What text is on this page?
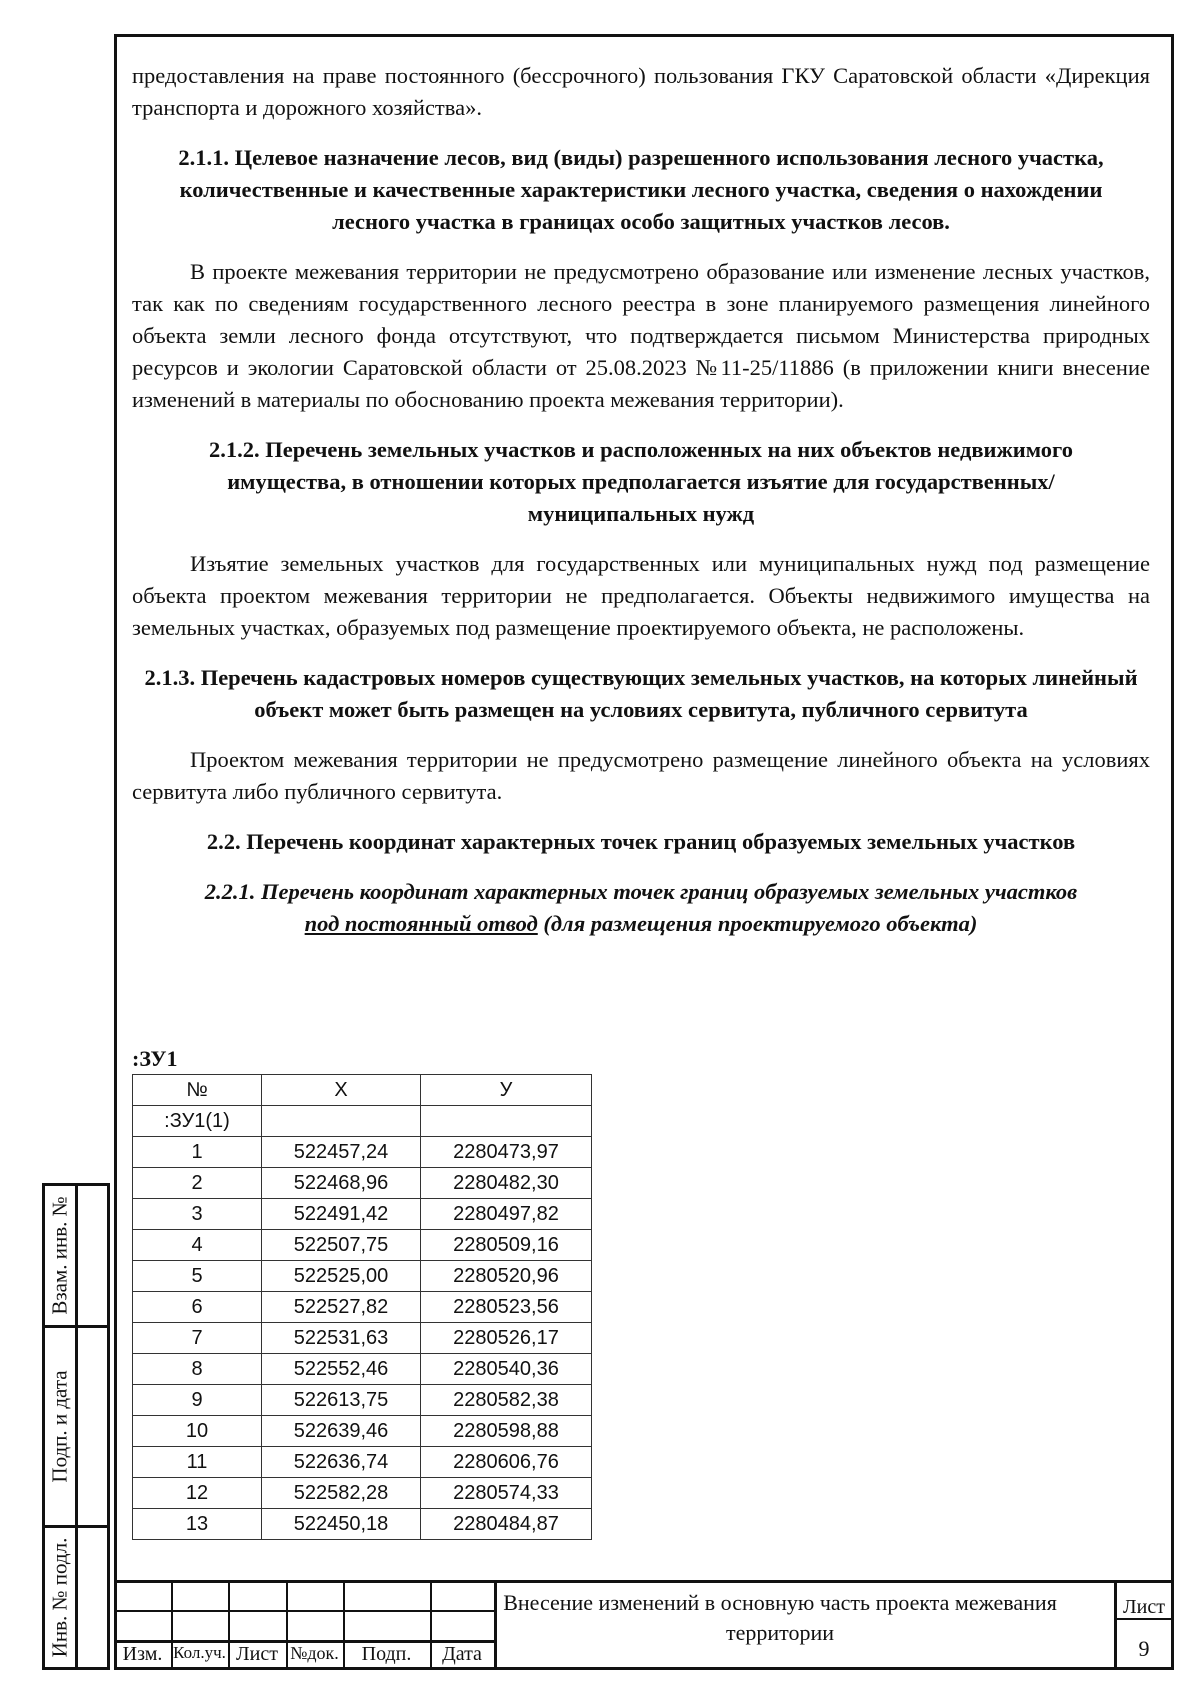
предоставления на праве постоянного (бессрочного) пользования ГКУ Саратовской области «Дирекция транспорта и дорожного хозяйства».

2.1.1. Целевое назначение лесов, вид (виды) разрешенного использования лесного участка, количественные и качественные характеристики лесного участка, сведения о нахождении лесного участка в границах особо защитных участков лесов.

В проекте межевания территории не предусмотрено образование или изменение лесных участков, так как по сведениям государственного лесного реестра в зоне планируемого размещения линейного объекта земли лесного фонда отсутствуют, что подтверждается письмом Министерства природных ресурсов и экологии Саратовской области от 25.08.2023 №11-25/11886 (в приложении книги внесение изменений в материалы по обоснованию проекта межевания территории).

2.1.2. Перечень земельных участков и расположенных на них объектов недвижимого имущества, в отношении которых предполагается изъятие для государственных/ муниципальных нужд

Изъятие земельных участков для государственных или муниципальных нужд под размещение объекта проектом межевания территории не предполагается. Объекты недвижимого имущества на земельных участках, образуемых под размещение проектируемого объекта, не расположены.

2.1.3. Перечень кадастровых номеров существующих земельных участков, на которых линейный объект может быть размещен на условиях сервитута, публичного сервитута

Проектом межевания территории не предусмотрено размещение линейного объекта на условиях сервитута либо публичного сервитута.

2.2. Перечень координат характерных точек границ образуемых земельных участков

2.2.1. Перечень координат характерных точек границ образуемых земельных участков под постоянный отвод (для размещения проектируемого объекта)

:ЗУ1
№	X	У
:ЗУ1(1)		
1	522457,24	2280473,97
2	522468,96	2280482,30
3	522491,42	2280497,82
4	522507,75	2280509,16
5	522525,00	2280520,96
6	522527,82	2280523,56
7	522531,63	2280526,17
8	522552,46	2280540,36
9	522613,75	2280582,38
10	522639,46	2280598,88
11	522636,74	2280606,76
12	522582,28	2280574,33
13	522450,18	2280484,87
Взам. инв. №
Подп. и дата
Инв. № подл.	Изм. Кол.уч. Лист №док.	Подп.	Дата
Внесение изменений в основную часть проекта межевания территории
Лист
9
